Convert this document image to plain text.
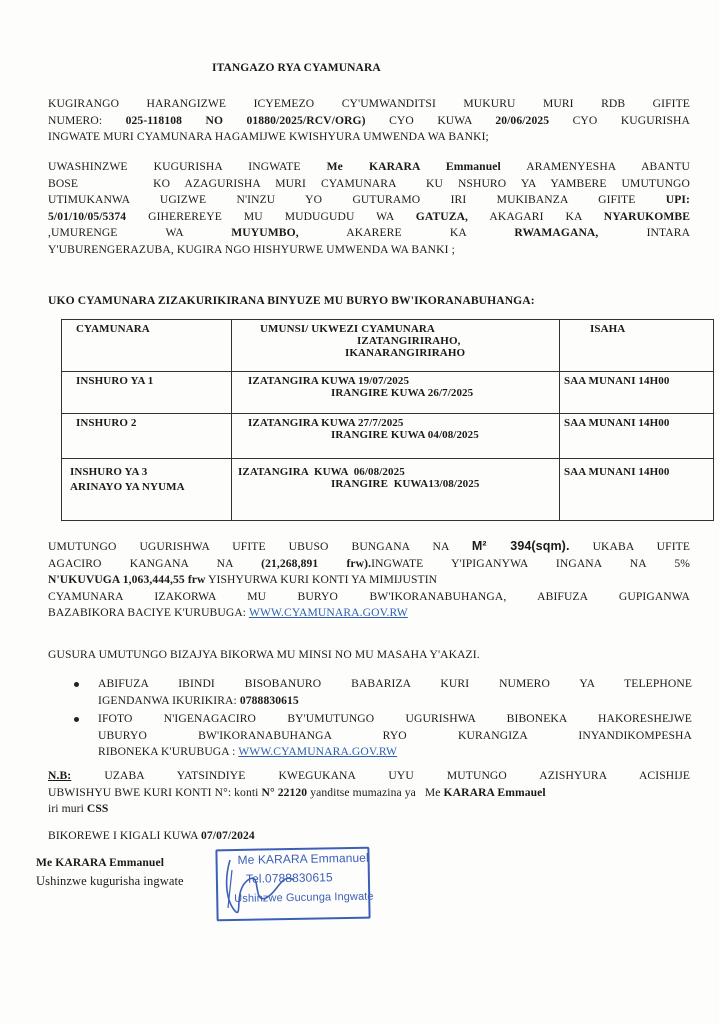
ITANGAZO RYA CYAMUNARA
KUGIRANGO HARANGIZWE ICYEMEZO CY'UMWANDITSI MUKURU MURI RDB GIFITE
NUMERO: 025-118108 NO 01880/2025/RCV/ORG) CYO KUWA 20/06/2025 CYO KUGURISHA
INGWATE MURI CYAMUNARA HAGAMIJWE KWISHYURA UMWENDA WA BANKI;
UWASHINZWE KUGURISHA INGWATE Me KARARA Emmanuel ARAMENYESHA ABANTU
BOSE     KO AZAGURISHA MURI CYAMUNARA  KU NSHURO YA YAMBERE UMUTUNGO
UTIMUKANWA UGIZWE N'INZU YO GUTURAMO IRI MUKIBANZA GIFITE	UPI:
5/01/10/05/5374 GIHEREREYE MU MUDUGUDU WA GATUZA, AKAGARI KA NYARUKOMBE
,UMURENGE	WA	MUYUMBO,	AKARERE	KA	RWAMAGANA,	INTARA
Y'UBURENGERAZUBA, KUGIRA NGO HISHYURWE UMWENDA WA BANKI ;
UKO CYAMUNARA ZIZAKURIKIRANA BINYUZE MU BURYO BW'IKORANABUHANGA:
CYAMUNARA	UMUNSI/ UKWEZI CYAMUNARA
IZATANGIRIRAHO,
IKANARANGIRIRAHO	ISAHA
INSHURO YA 1	IZATANGIRA KUWA 19/07/2025
IRANGIRE KUWA 26/7/2025	SAA MUNANI 14H00
INSHURO 2	IZATANGIRA KUWA 27/7/2025
IRANGIRE KUWA 04/08/2025	SAA MUNANI 14H00

INSHURO YA 3
ARINAYO YA NYUMA	IZATANGIRA  KUWA  06/08/2025
IRANGIRE  KUWA13/08/2025	SAA MUNANI 14H00
UMUTUNGO UGURISHWA UFITE UBUSO BUNGANA NA M² 394(sqm). UKABA UFITE
AGACIRO KANGANA NA (21,268,891 frw).INGWATE Y'IPIGANYWA INGANA NA 5%
N'UKUVUGA 1,063,444,55 frw YISHYURWA KURI KONTI YA MIMIJUSTIN
CYAMUNARA IZAKORWA MU BURYO BW'IKORANABUHANGA, ABIFUZA GUPIGANWA
BAZABIKORA BACIYE K'URUBUGA: WWW.CYAMUNARA.GOV.RW
GUSURA UMUTUNGO BIZAJYA BIKORWA MU MINSI NO MU MASAHA Y'AKAZI.
ABIFUZA IBINDI BISOBANURO BABARIZA KURI NUMERO YA TELEPHONE
IGENDANWA IKURIKIRA: 0788830615
IFOTO N'IGENAGACIRO BY'UMUTUNGO UGURISHWA BIBONEKA HAKORESHEJWE
UBURYO BW'IKORANABUHANGA RYO KURANGIZA INYANDIKOMPESHA
RIBONEKA K'URUBUGA : WWW.CYAMUNARA.GOV.RW
N.B:	UZABA YATSINDIYE KWEGUKANA UYU MUTUNGO AZISHYURA ACISHIJE
UBWISHYU BWE KURI KONTI N°: konti N° 22120 yanditse mumazina ya   Me KARARA Emmauel
iri muri CSS
BIKOREWE I KIGALI KUWA 07/07/2024
Me KARARA Emmanuel
Ushinzwe kugurisha ingwate
Me KARARA Emmanuel
Tel.0788830615
Ushinzwe Gucunga Ingwate
